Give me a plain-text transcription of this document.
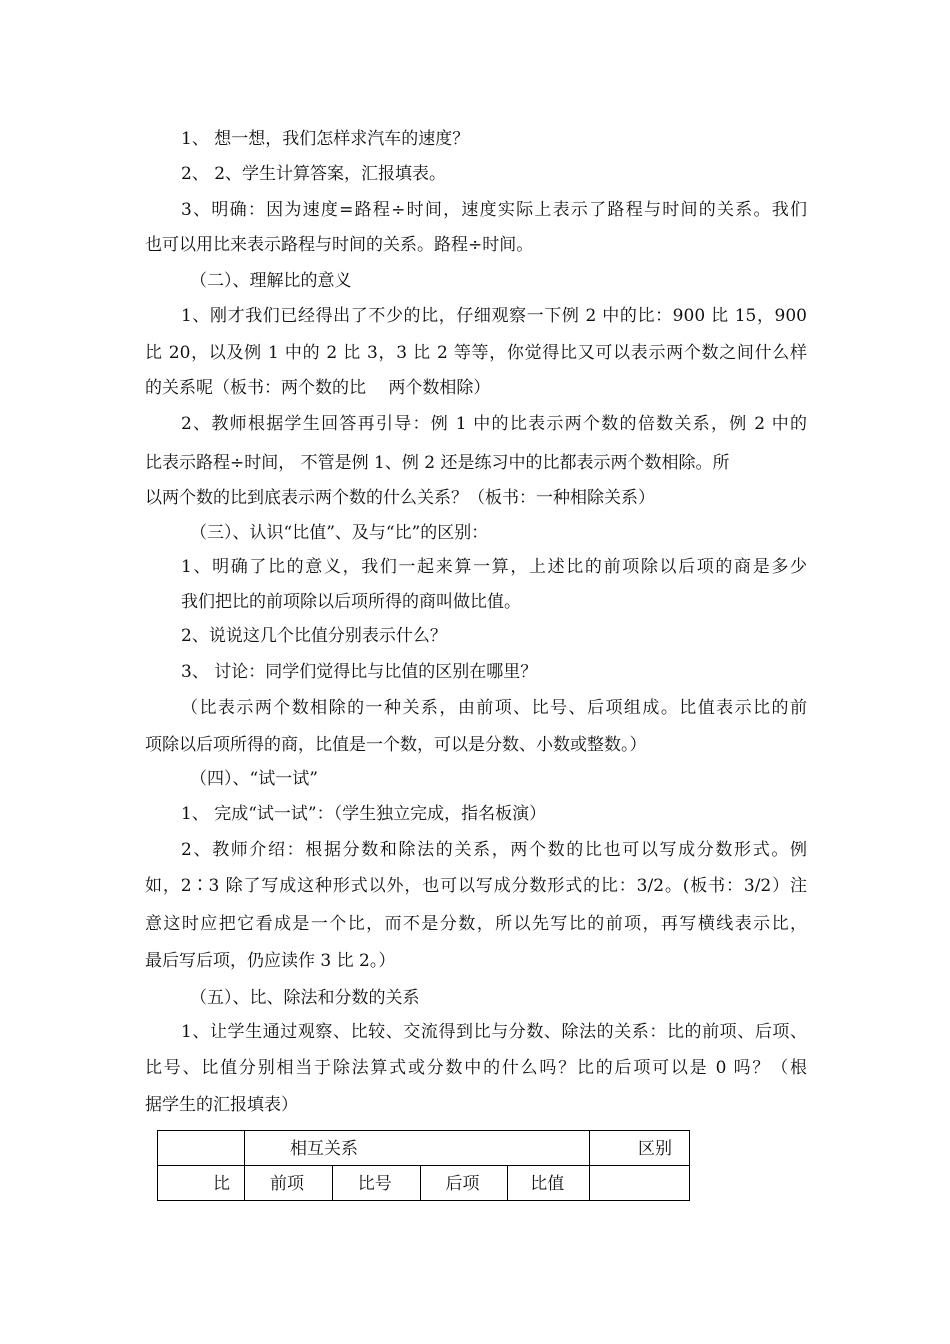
1、 想一想，我们怎样求汽车的速度？
2、 2、学生计算答案，汇报填表。
3、明确：因为速度=路程÷时间，速度实际上表示了路程与时间的关系。我们
也可以用比来表示路程与时间的关系。路程÷时间。
（二）、理解比的意义
1、刚才我们已经得出了不少的比，仔细观察一下例 2 中的比：900 比 15，900
比 20，以及例 1 中的 2 比 3，3 比 2 等等，你觉得比又可以表示两个数之间什么样
的关系呢（板书：两个数的比　 两个数相除）
2、教师根据学生回答再引导：例 1 中的比表示两个数的倍数关系，例 2 中的
比表示路程÷时间， 不管是例 1、例 2 还是练习中的比都表示两个数相除。所
以两个数的比到底表示两个数的什么关系？（板书：一种相除关系）
（三）、认识“比值”、及与“比”的区别：
1、明确了比的意义，我们一起来算一算，上述比的前项除以后项的商是多少
我们把比的前项除以后项所得的商叫做比值。
2、说说这几个比值分别表示什么？
3、 讨论：同学们觉得比与比值的区别在哪里？
（比表示两个数相除的一种关系，由前项、比号、后项组成。比值表示比的前
项除以后项所得的商，比值是一个数，可以是分数、小数或整数。）
（四）、“试一试”
1、 完成“试一试”：（学生独立完成，指名板演）
2、教师介绍：根据分数和除法的关系，两个数的比也可以写成分数形式。例
如，2∶3 除了写成这种形式以外，也可以写成分数形式的比：3/2。(板书：3/2）注
意这时应把它看成是一个比，而不是分数，所以先写比的前项，再写横线表示比，
最后写后项，仍应读作 3 比 2。）
（五）、比、除法和分数的关系
1、让学生通过观察、比较、交流得到比与分数、除法的关系：比的前项、后项、
比号、比值分别相当于除法算式或分数中的什么吗？比的后项可以是 0 吗？（根
据学生的汇报填表）

	相互关系				区别

比	前项	比号	后项	比值	
